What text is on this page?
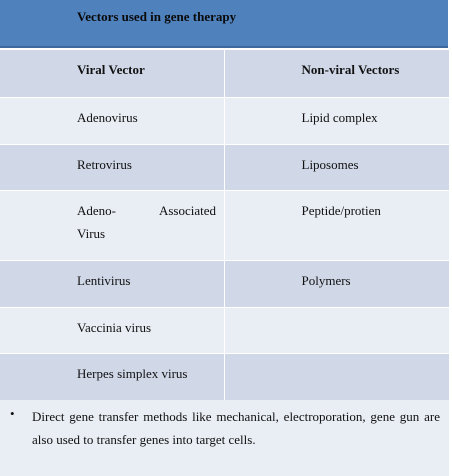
Vectors used in gene therapy
Viral Vector	Non-viral Vectors

Adenovirus	Lipid complex

Retrovirus	Liposomes

Adeno- Associated
Virus	Peptide/protien

Lentivirus	Polymers

Vaccinia virus	

Herpes simplex virus	

• Direct gene transfer methods like mechanical, electroporation, gene gun are also used to transfer genes into target cells.
